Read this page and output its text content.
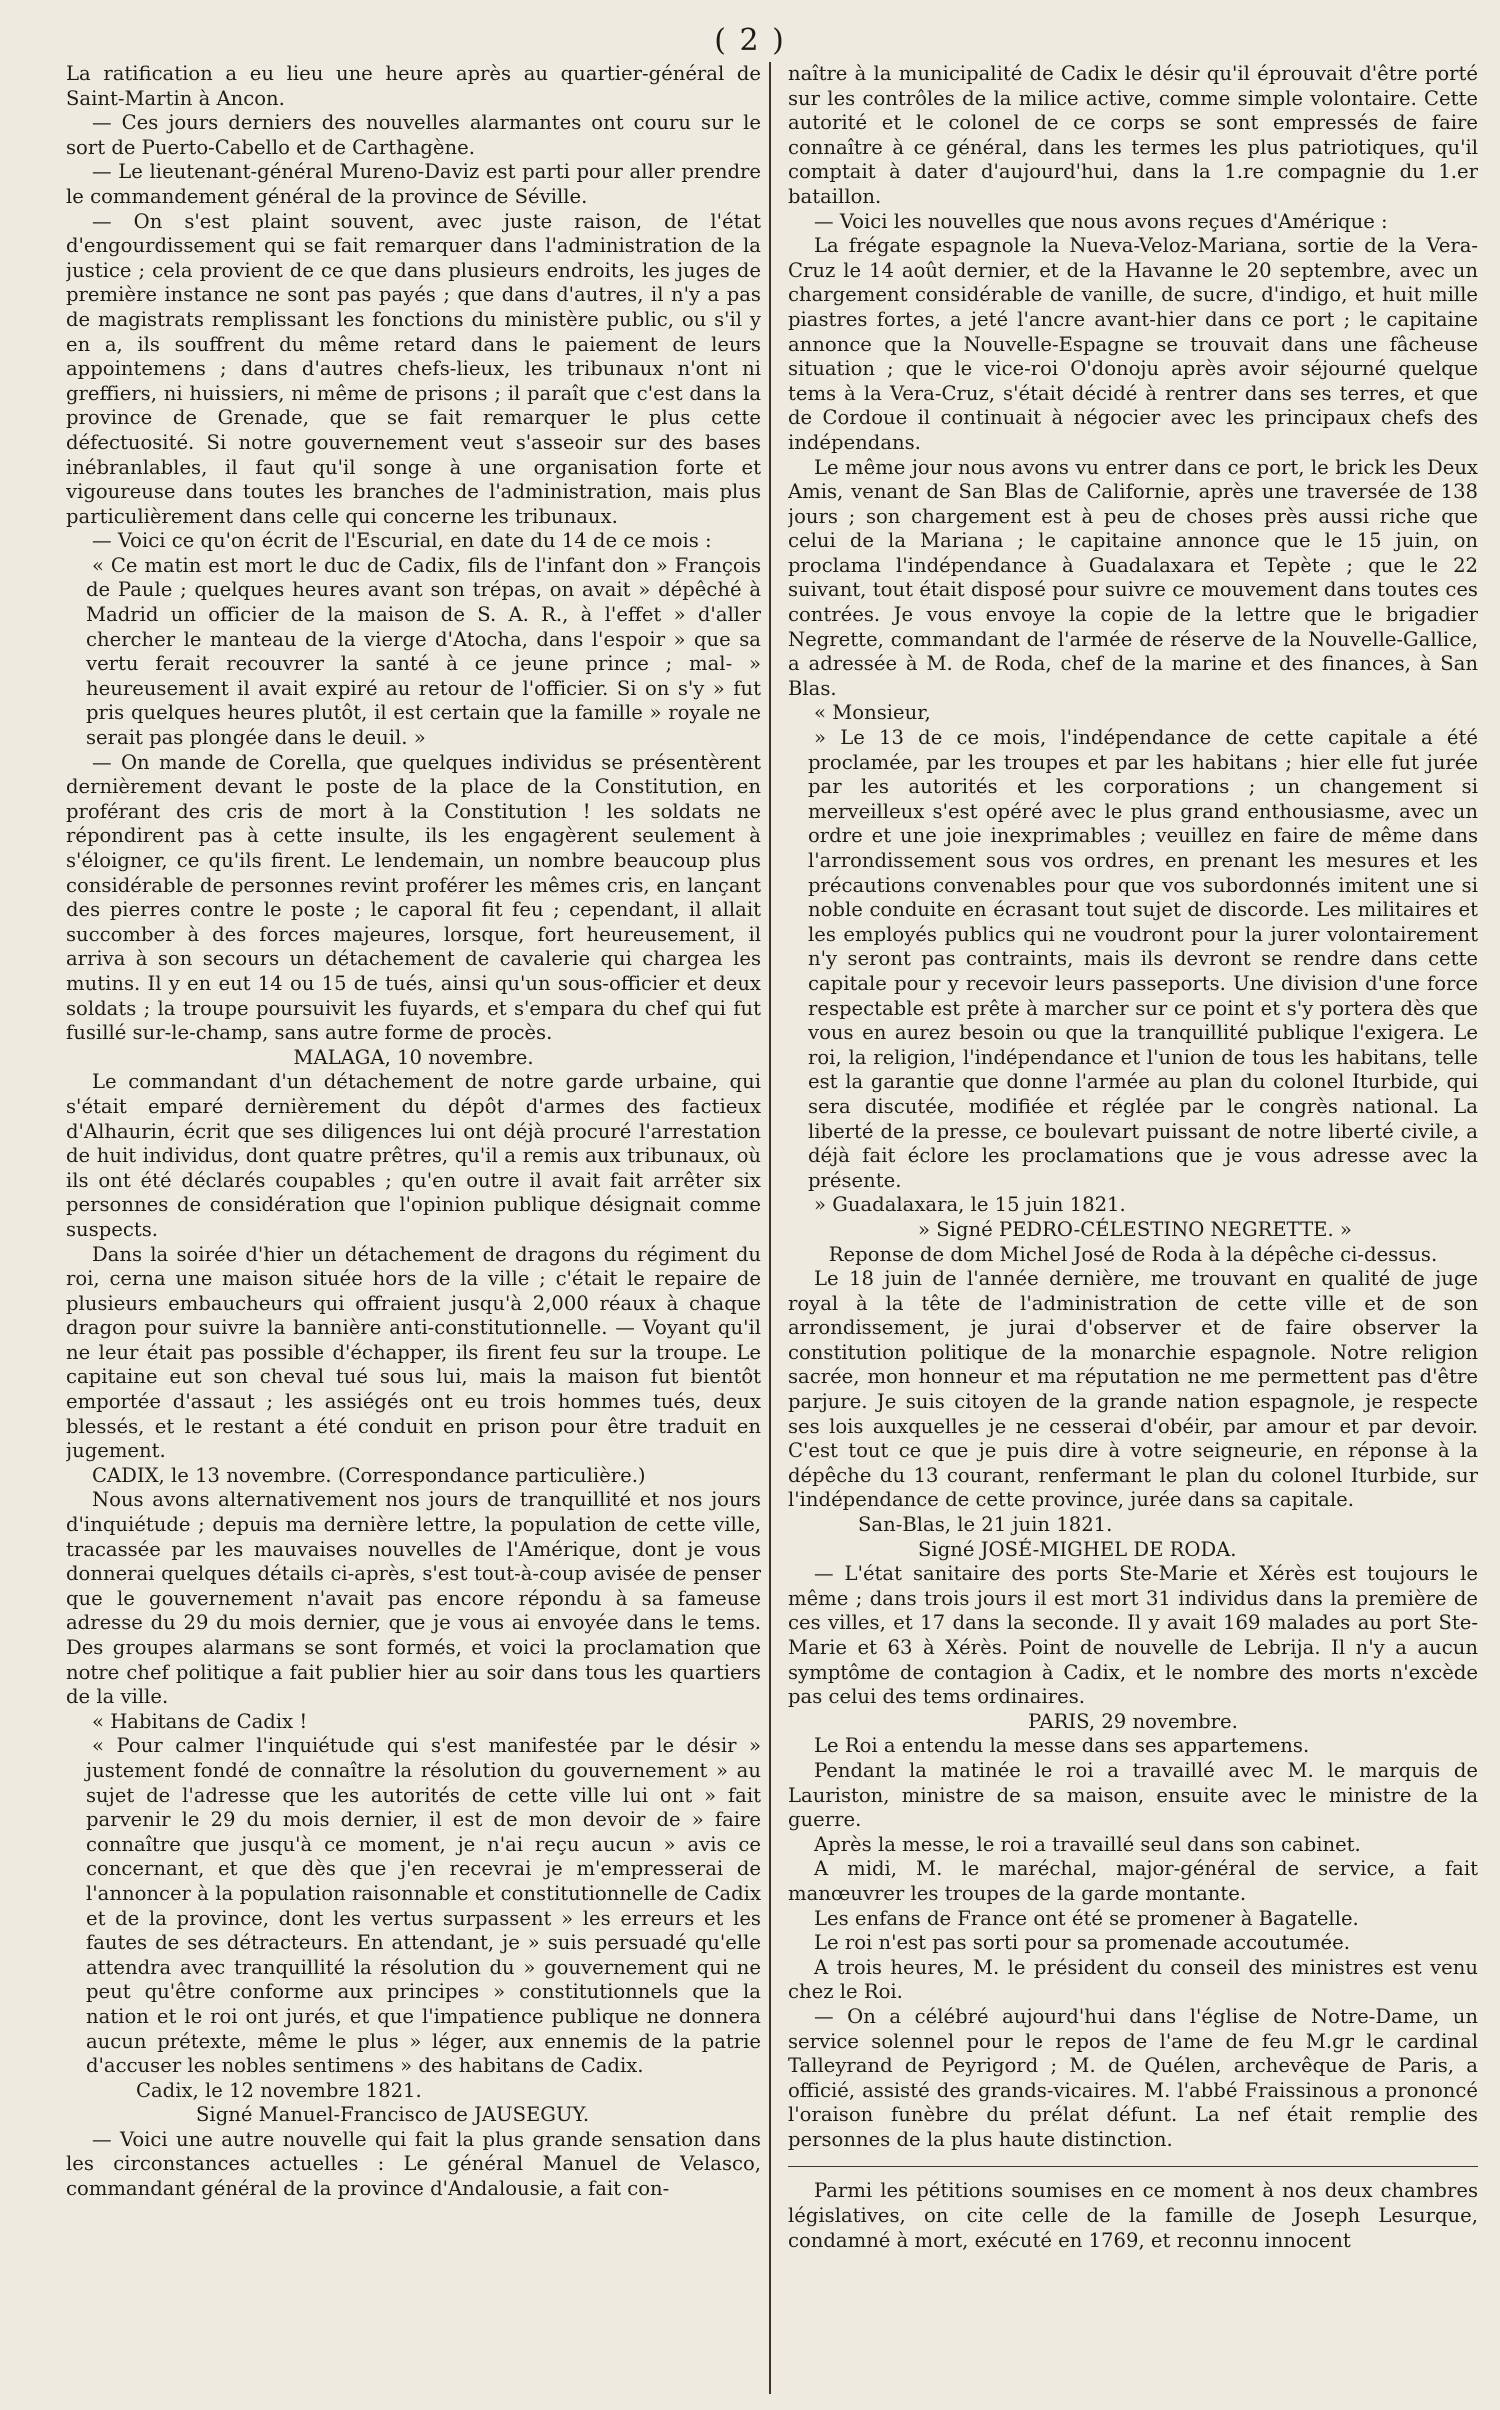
( 2 )

La ratification a eu lieu une heure après au quartier-général de Saint-Martin à Ancon.

— Ces jours derniers des nouvelles alarmantes ont couru sur le sort de Puerto-Cabello et de Carthagène.

— Le lieutenant-général Mureno-Daviz est parti pour aller prendre le commandement général de la province de Séville.

— On s'est plaint souvent, avec juste raison, de l'état d'engourdissement qui se fait remarquer dans l'administration de la justice ; cela provient de ce que dans plusieurs endroits, les juges de première instance ne sont pas payés ; que dans d'autres, il n'y a pas de magistrats remplissant les fonctions du ministère public, ou s'il y en a, ils souffrent du même retard dans le paiement de leurs appointemens ; dans d'autres chefs-lieux, les tribunaux n'ont ni greffiers, ni huissiers, ni même de prisons ; il paraît que c'est dans la province de Grenade, que se fait remarquer le plus cette défectuosité. Si notre gouvernement veut s'asseoir sur des bases inébranlables, il faut qu'il songe à une organisation forte et vigoureuse dans toutes les branches de l'administration, mais plus particulièrement dans celle qui concerne les tribunaux.

— Voici ce qu'on écrit de l'Escurial, en date du 14 de ce mois :

« Ce matin est mort le duc de Cadix, fils de l'infant don » François de Paule ; quelques heures avant son trépas, on avait » dépêché à Madrid un officier de la maison de S. A. R., à l'effet » d'aller chercher le manteau de la vierge d'Atocha, dans l'espoir » que sa vertu ferait recouvrer la santé à ce jeune prince ; mal- » heureusement il avait expiré au retour de l'officier. Si on s'y » fut pris quelques heures plutôt, il est certain que la famille » royale ne serait pas plongée dans le deuil. »

— On mande de Corella, que quelques individus se présentèrent dernièrement devant le poste de la place de la Constitution, en proférant des cris de mort à la Constitution ! les soldats ne répondirent pas à cette insulte, ils les engagèrent seulement à s'éloigner, ce qu'ils firent. Le lendemain, un nombre beaucoup plus considérable de personnes revint proférer les mêmes cris, en lançant des pierres contre le poste ; le caporal fit feu ; cependant, il allait succomber à des forces majeures, lorsque, fort heureusement, il arriva à son secours un détachement de cavalerie qui chargea les mutins. Il y en eut 14 ou 15 de tués, ainsi qu'un sous-officier et deux soldats ; la troupe poursuivit les fuyards, et s'empara du chef qui fut fusillé sur-le-champ, sans autre forme de procès.

MALAGA, 10 novembre.

Le commandant d'un détachement de notre garde urbaine, qui s'était emparé dernièrement du dépôt d'armes des factieux d'Alhaurin, écrit que ses diligences lui ont déjà procuré l'arrestation de huit individus, dont quatre prêtres, qu'il a remis aux tribunaux, où ils ont été déclarés coupables ; qu'en outre il avait fait arrêter six personnes de considération que l'opinion publique désignait comme suspects.

Dans la soirée d'hier un détachement de dragons du régiment du roi, cerna une maison située hors de la ville ; c'était le repaire de plusieurs embaucheurs qui offraient jusqu'à 2,000 réaux à chaque dragon pour suivre la bannière anti-constitutionnelle. — Voyant qu'il ne leur était pas possible d'échapper, ils firent feu sur la troupe. Le capitaine eut son cheval tué sous lui, mais la maison fut bientôt emportée d'assaut ; les assiégés ont eu trois hommes tués, deux blessés, et le restant a été conduit en prison pour être traduit en jugement.

CADIX, le 13 novembre. (Correspondance particulière.)

Nous avons alternativement nos jours de tranquillité et nos jours d'inquiétude ; depuis ma dernière lettre, la population de cette ville, tracassée par les mauvaises nouvelles de l'Amérique, dont je vous donnerai quelques détails ci-après, s'est tout-à-coup avisée de penser que le gouvernement n'avait pas encore répondu à sa fameuse adresse du 29 du mois dernier, que je vous ai envoyée dans le tems. Des groupes alarmans se sont formés, et voici la proclamation que notre chef politique a fait publier hier au soir dans tous les quartiers de la ville.

« Habitans de Cadix !

« Pour calmer l'inquiétude qui s'est manifestée par le désir » justement fondé de connaître la résolution du gouvernement » au sujet de l'adresse que les autorités de cette ville lui ont » fait parvenir le 29 du mois dernier, il est de mon devoir de » faire connaître que jusqu'à ce moment, je n'ai reçu aucun » avis ce concernant, et que dès que j'en recevrai je m'empresserai de l'annoncer à la population raisonnable et constitutionnelle de Cadix et de la province, dont les vertus surpassent » les erreurs et les fautes de ses détracteurs. En attendant, je » suis persuadé qu'elle attendra avec tranquillité la résolution du » gouvernement qui ne peut qu'être conforme aux principes » constitutionnels que la nation et le roi ont jurés, et que l'impatience publique ne donnera aucun prétexte, même le plus » léger, aux ennemis de la patrie d'accuser les nobles sentimens » des habitans de Cadix.

Cadix, le 12 novembre 1821.

Signé Manuel-Francisco de JAUSEGUY.

— Voici une autre nouvelle qui fait la plus grande sensation dans les circonstances actuelles : Le général Manuel de Velasco, commandant général de la province d'Andalousie, a fait con-

naître à la municipalité de Cadix le désir qu'il éprouvait d'être porté sur les contrôles de la milice active, comme simple volontaire. Cette autorité et le colonel de ce corps se sont empressés de faire connaître à ce général, dans les termes les plus patriotiques, qu'il comptait à dater d'aujourd'hui, dans la 1.re compagnie du 1.er bataillon.

— Voici les nouvelles que nous avons reçues d'Amérique :

La frégate espagnole la Nueva-Veloz-Mariana, sortie de la Vera-Cruz le 14 août dernier, et de la Havanne le 20 septembre, avec un chargement considérable de vanille, de sucre, d'indigo, et huit mille piastres fortes, a jeté l'ancre avant-hier dans ce port ; le capitaine annonce que la Nouvelle-Espagne se trouvait dans une fâcheuse situation ; que le vice-roi O'donoju après avoir séjourné quelque tems à la Vera-Cruz, s'était décidé à rentrer dans ses terres, et que de Cordoue il continuait à négocier avec les principaux chefs des indépendans.

Le même jour nous avons vu entrer dans ce port, le brick les Deux Amis, venant de San Blas de Californie, après une traversée de 138 jours ; son chargement est à peu de choses près aussi riche que celui de la Mariana ; le capitaine annonce que le 15 juin, on proclama l'indépendance à Guadalaxara et Tepète ; que le 22 suivant, tout était disposé pour suivre ce mouvement dans toutes ces contrées. Je vous envoye la copie de la lettre que le brigadier Negrette, commandant de l'armée de réserve de la Nouvelle-Gallice, a adressée à M. de Roda, chef de la marine et des finances, à San Blas.

« Monsieur,

» Le 13 de ce mois, l'indépendance de cette capitale a été proclamée, par les troupes et par les habitans ; hier elle fut jurée par les autorités et les corporations ; un changement si merveilleux s'est opéré avec le plus grand enthousiasme, avec un ordre et une joie inexprimables ; veuillez en faire de même dans l'arrondissement sous vos ordres, en prenant les mesures et les précautions convenables pour que vos subordonnés imitent une si noble conduite en écrasant tout sujet de discorde. Les militaires et les employés publics qui ne voudront pour la jurer volontairement n'y seront pas contraints, mais ils devront se rendre dans cette capitale pour y recevoir leurs passeports. Une division d'une force respectable est prête à marcher sur ce point et s'y portera dès que vous en aurez besoin ou que la tranquillité publique l'exigera. Le roi, la religion, l'indépendance et l'union de tous les habitans, telle est la garantie que donne l'armée au plan du colonel Iturbide, qui sera discutée, modifiée et réglée par le congrès national. La liberté de la presse, ce boulevart puissant de notre liberté civile, a déjà fait éclore les proclamations que je vous adresse avec la présente.

» Guadalaxara, le 15 juin 1821.

» Signé PEDRO-CÉLESTINO NEGRETTE. »

Reponse de dom Michel José de Roda à la dépêche ci-dessus.

Le 18 juin de l'année dernière, me trouvant en qualité de juge royal à la tête de l'administration de cette ville et de son arrondissement, je jurai d'observer et de faire observer la constitution politique de la monarchie espagnole. Notre religion sacrée, mon honneur et ma réputation ne me permettent pas d'être parjure. Je suis citoyen de la grande nation espagnole, je respecte ses lois auxquelles je ne cesserai d'obéir, par amour et par devoir. C'est tout ce que je puis dire à votre seigneurie, en réponse à la dépêche du 13 courant, renfermant le plan du colonel Iturbide, sur l'indépendance de cette province, jurée dans sa capitale.

San-Blas, le 21 juin 1821.

Signé JOSÉ-MIGHEL DE RODA.

— L'état sanitaire des ports Ste-Marie et Xérès est toujours le même ; dans trois jours il est mort 31 individus dans la première de ces villes, et 17 dans la seconde. Il y avait 169 malades au port Ste-Marie et 63 à Xérès. Point de nouvelle de Lebrija. Il n'y a aucun symptôme de contagion à Cadix, et le nombre des morts n'excède pas celui des tems ordinaires.

PARIS, 29 novembre.

Le Roi a entendu la messe dans ses appartemens.

Pendant la matinée le roi a travaillé avec M. le marquis de Lauriston, ministre de sa maison, ensuite avec le ministre de la guerre.

Après la messe, le roi a travaillé seul dans son cabinet.

A midi, M. le maréchal, major-général de service, a fait manœuvrer les troupes de la garde montante.

Les enfans de France ont été se promener à Bagatelle.

Le roi n'est pas sorti pour sa promenade accoutumée.

A trois heures, M. le président du conseil des ministres est venu chez le Roi.

— On a célébré aujourd'hui dans l'église de Notre-Dame, un service solennel pour le repos de l'ame de feu M.gr le cardinal Talleyrand de Peyrigord ; M. de Quélen, archevêque de Paris, a officié, assisté des grands-vicaires. M. l'abbé Fraissinous a prononcé l'oraison funèbre du prélat défunt. La nef était remplie des personnes de la plus haute distinction.

Parmi les pétitions soumises en ce moment à nos deux chambres législatives, on cite celle de la famille de Joseph Lesurque, condamné à mort, exécuté en 1769, et reconnu innocent
